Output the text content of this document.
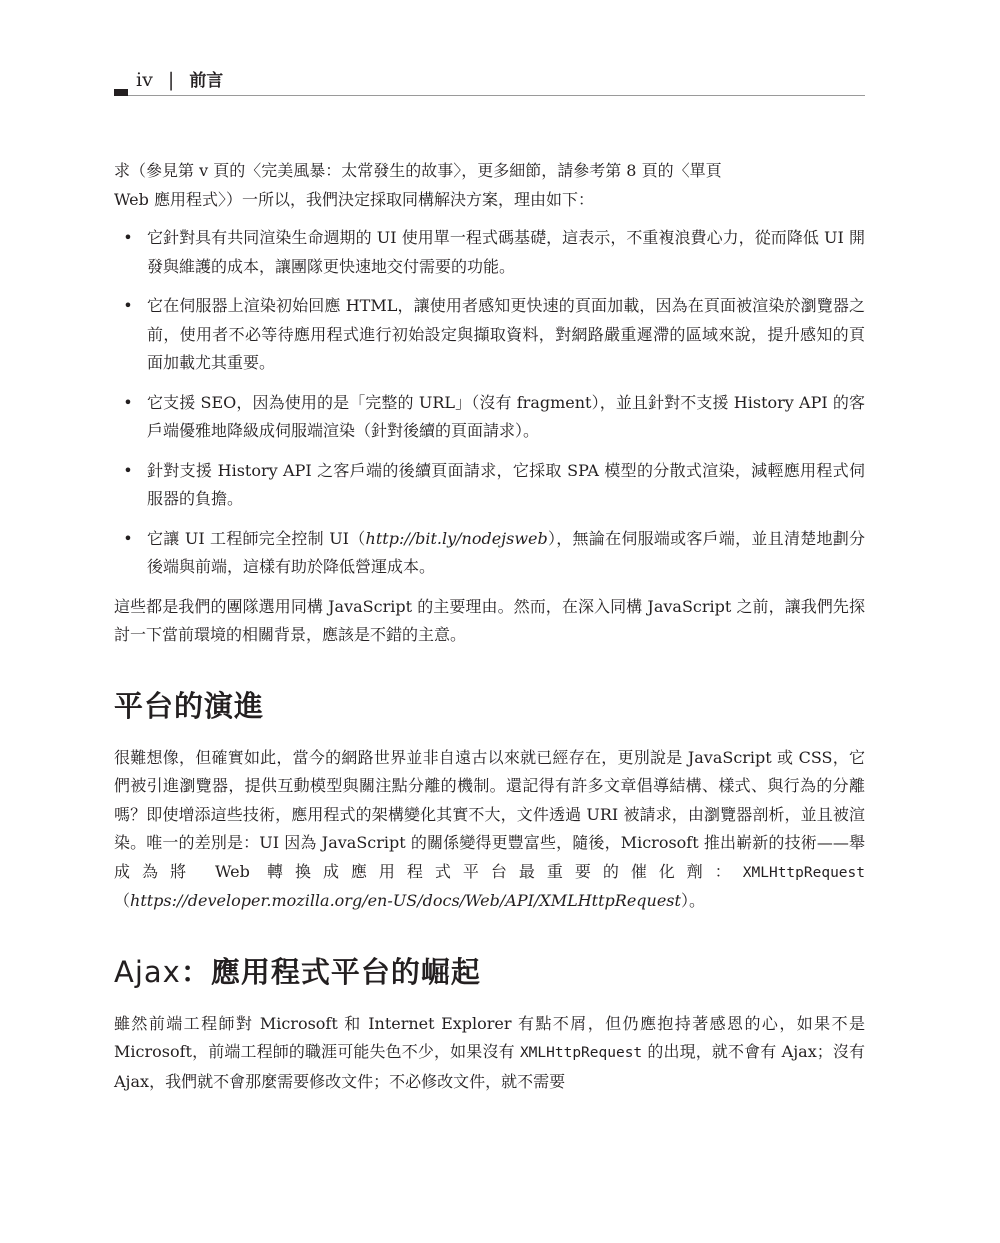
iv | 前言

求（參見第 v 頁的〈完美風暴：太常發生的故事〉，更多細節，請參考第 8 頁的〈單頁
Web 應用程式〉）一所以，我們決定採取同構解決方案，理由如下：

• 它針對具有共同渲染生命週期的 UI 使用單一程式碼基礎，這表示，不重複浪費心力，從而降低 UI 開發與維護的成本，讓團隊更快速地交付需要的功能。
• 它在伺服器上渲染初始回應 HTML，讓使用者感知更快速的頁面加載，因為在頁面被渲染於瀏覽器之前，使用者不必等待應用程式進行初始設定與擷取資料，對網路嚴重遲滯的區域來說，提升感知的頁面加載尤其重要。
• 它支援 SEO，因為使用的是「完整的 URL」（沒有 fragment），並且針對不支援 History API 的客戶端優雅地降級成伺服端渲染（針對後續的頁面請求）。
• 針對支援 History API 之客戶端的後續頁面請求，它採取 SPA 模型的分散式渲染，減輕應用程式伺服器的負擔。
• 它讓 UI 工程師完全控制 UI（http://bit.ly/nodejsweb），無論在伺服端或客戶端，並且清楚地劃分後端與前端，這樣有助於降低營運成本。

這些都是我們的團隊選用同構 JavaScript 的主要理由。然而，在深入同構 JavaScript 之前，讓我們先探討一下當前環境的相關背景，應該是不錯的主意。

平台的演進

很難想像，但確實如此，當今的網路世界並非自遠古以來就已經存在，更別說是 JavaScript 或 CSS，它們被引進瀏覽器，提供互動模型與關注點分離的機制。還記得有許多文章倡導結構、樣式、與行為的分離嗎？即使增添這些技術，應用程式的架構變化其實不大，文件透過 URI 被請求，由瀏覽器剖析，並且被渲染。唯一的差別是：UI 因為 JavaScript 的關係變得更豐富些，隨後，Microsoft 推出嶄新的技術——舉成為將 Web 轉換成應用程式平台最重要的催化劑：XMLHttpRequest（https://developer.mozilla.org/en-US/docs/Web/API/XMLHttpRequest）。

Ajax：應用程式平台的崛起

雖然前端工程師對 Microsoft 和 Internet Explorer 有點不屑，但仍應抱持著感恩的心，如果不是 Microsoft，前端工程師的職涯可能失色不少，如果沒有 XMLHttpRequest 的出現，就不會有 Ajax；沒有 Ajax，我們就不會那麼需要修改文件；不必修改文件，就不需要
